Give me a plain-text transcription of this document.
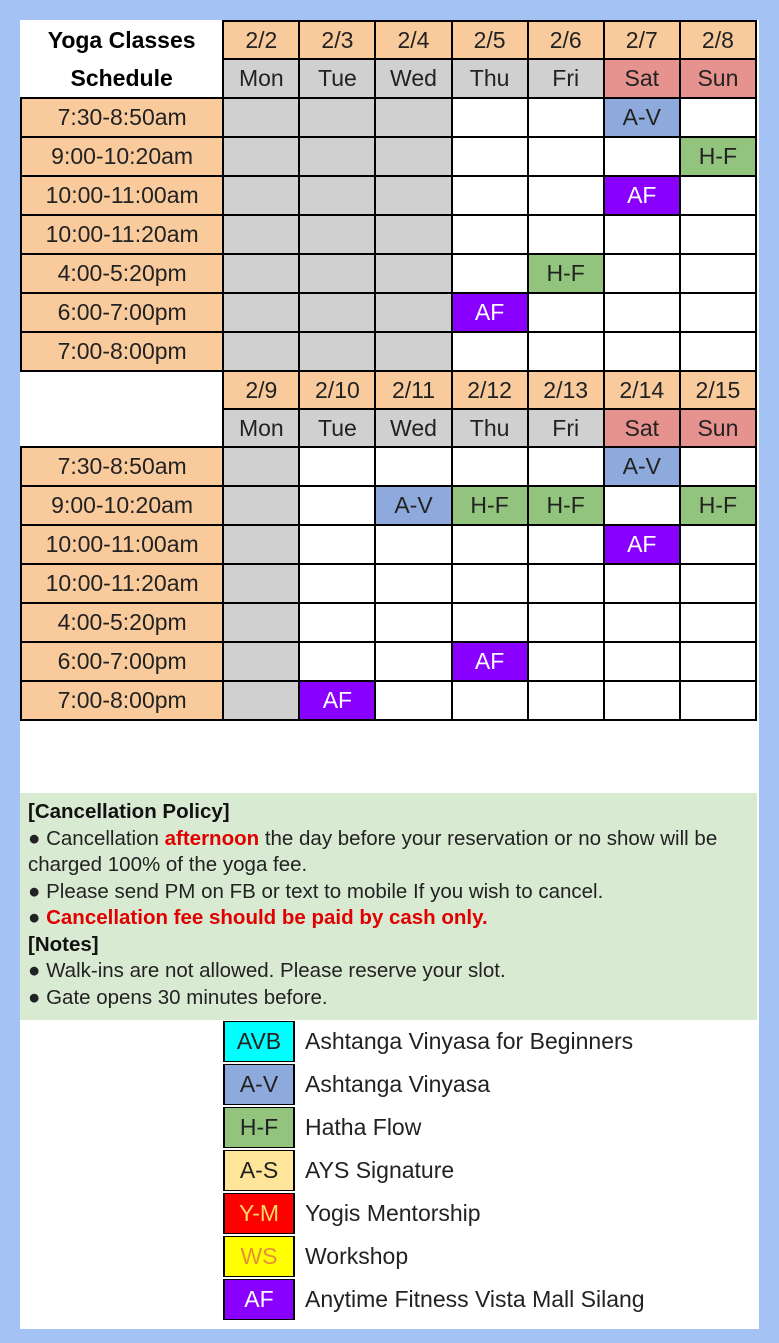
Yoga Classes	2/2	2/3	2/4	2/5	2/6	2/7	2/8
Schedule	Mon	Tue	Wed	Thu	Fri	Sat	Sun
7:30-8:50am						A-V	
9:00-10:20am							H-F
10:00-11:00am						AF	
10:00-11:20am							
4:00-5:20pm					H-F		
6:00-7:00pm				AF			
7:00-8:00pm							
	2/9	2/10	2/11	2/12	2/13	2/14	2/15
	Mon	Tue	Wed	Thu	Fri	Sat	Sun
7:30-8:50am						A-V	
9:00-10:20am			A-V	H-F	H-F		H-F
10:00-11:00am						AF	
10:00-11:20am							
4:00-5:20pm							
6:00-7:00pm				AF			
7:00-8:00pm		AF					
[Cancellation Policy]
● Cancellation afternoon the day before your reservation or no show will be charged 100% of the yoga fee.
● Please send PM on FB or text to mobile If you wish to cancel.
● Cancellation fee should be paid by cash only.
[Notes]
● Walk-ins are not allowed. Please reserve your slot.
● Gate opens 30 minutes before.
AVB	Ashtanga Vinyasa for Beginners
A-V	Ashtanga Vinyasa
H-F	Hatha Flow
A-S	AYS Signature
Y-M	Yogis Mentorship
WS	Workshop
AF	Anytime Fitness Vista Mall Silang
